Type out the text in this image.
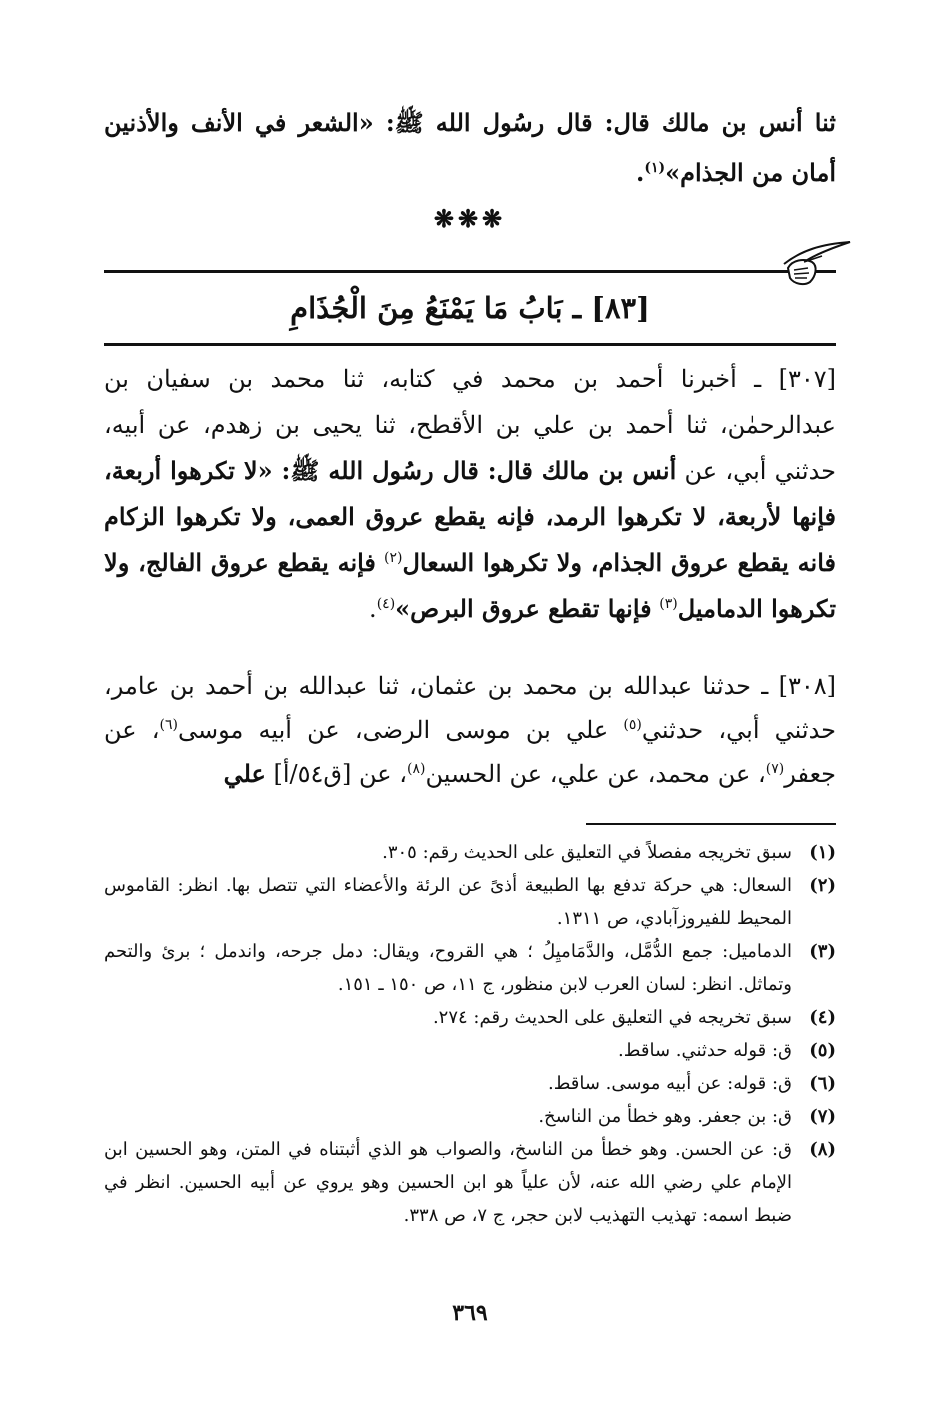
ثنا أنس بن مالك قال: قال رسُول الله ﷺ: «الشعر في الأنف والأذنين أمان من الجذام»$^{(١)}$.

❋❋❋
[٨٣] ـ بَابُ مَا يَمْنَعُ مِنَ الْجُذَامِ

[٣٠٧] ـ أخبرنا أحمد بن محمد في كتابه، ثنا محمد بن سفيان بن عبدالرحمٰن، ثنا أحمد بن علي بن الأقطح، ثنا يحيى بن زهدم، عن أبيه، حدثني أبي، عن أنس بن مالك قال: قال رسُول الله ﷺ: «لا تكرهوا أربعة، فإنها لأربعة، لا تكرهوا الرمد، فإنه يقطع عروق العمى، ولا تكرهوا الزكام فانه يقطع عروق الجذام، ولا تكرهوا السعال$^{(٢)}$ فإنه يقطع عروق الفالج، ولا تكرهوا الدماميل$^{(٣)}$ فإنها تقطع عروق البرص»$^{(٤)}$.

[٣٠٨] ـ حدثنا عبدالله بن محمد بن عثمان، ثنا عبدالله بن أحمد بن عامر، حدثني أبي، حدثني$^{(٥)}$ علي بن موسى الرضى، عن أبيه موسى$^{(٦)}$، عن جعفر$^{(٧)}$، عن محمد، عن علي، عن الحسين$^{(٨)}$، عن [ق٥٤/أ] علي

(١)
سبق تخريجه مفصلاً في التعليق على الحديث رقم: ٣٠٥.
(٢)
السعال: هي حركة تدفع بها الطبيعة أذىً عن الرئة والأعضاء التي تتصل بها. انظر: القاموس المحيط للفيروزآبادي، ص ١٣١١.
(٣)
الدماميل: جمع الدُّمَّل، والدَّمَاميِلُ ؛ هي القروح، ويقال: دمل جرحه، واندمل ؛ برئ والتحم وتماثل. انظر: لسان العرب لابن منظور، ج ١١، ص ١٥٠ ـ ١٥١.
(٤)
سبق تخريجه في التعليق على الحديث رقم: ٢٧٤.
(٥)
ق: قوله حدثني. ساقط.
(٦)
ق: قوله: عن أبيه موسى. ساقط.
(٧)
ق: بن جعفر. وهو خطأ من الناسخ.
(٨)
ق: عن الحسن. وهو خطأ من الناسخ، والصواب هو الذي أثبتناه في المتن، وهو الحسين ابن الإمام علي رضي الله عنه، لأن علياً هو ابن الحسين وهو يروي عن أبيه الحسين. انظر في ضبط اسمه: تهذيب التهذيب لابن حجر، ج ٧، ص ٣٣٨.
٣٦٩
